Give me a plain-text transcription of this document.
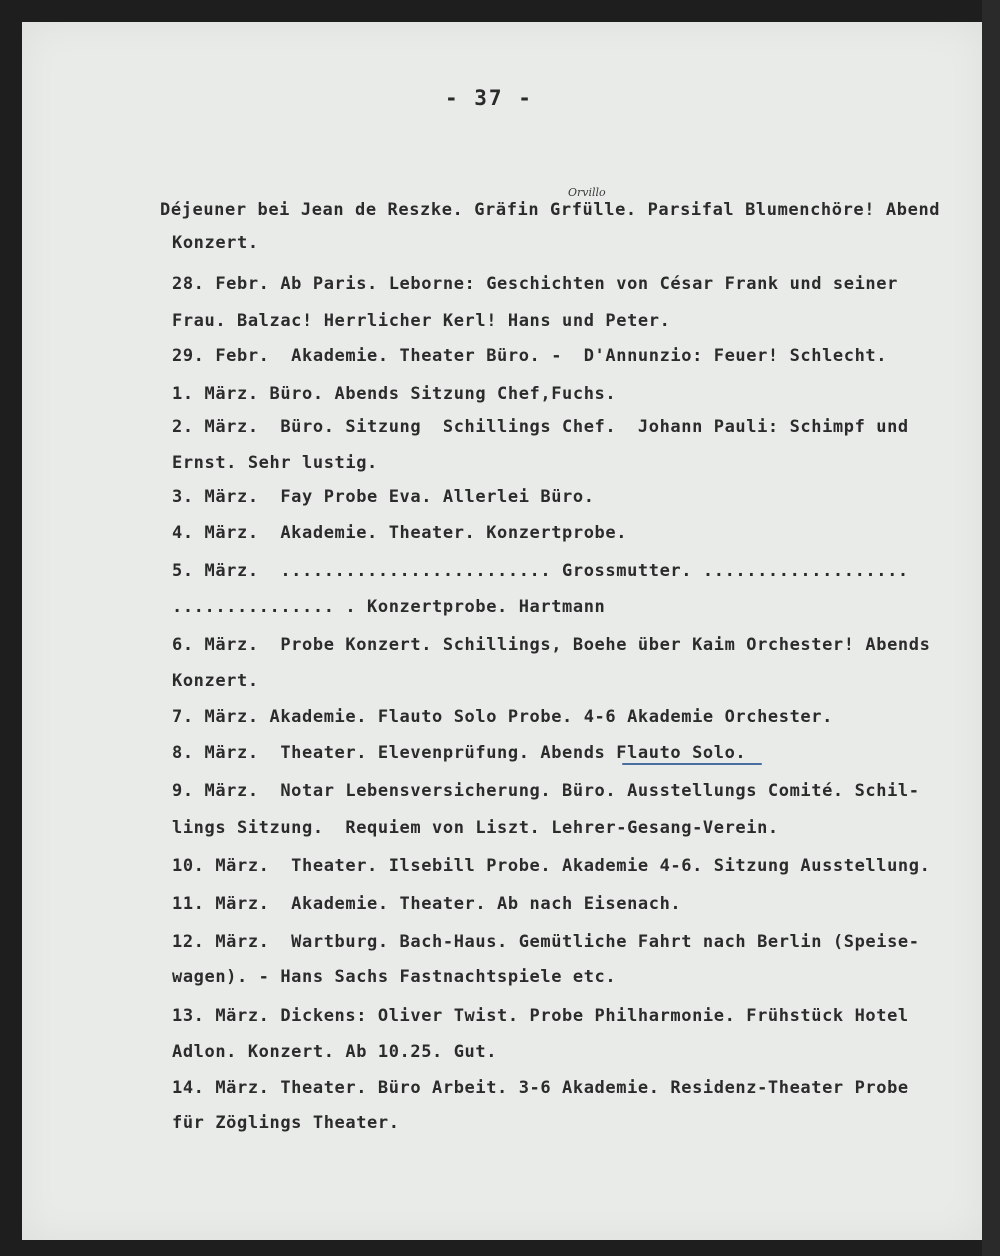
- 37 -
Orvillo
Déjeuner bei Jean de Reszke. Gräfin Grfülle. Parsifal Blumenchöre! Abend
Konzert.
28. Febr. Ab Paris. Leborne: Geschichten von César Frank und seiner
Frau. Balzac! Herrlicher Kerl! Hans und Peter.
29. Febr.  Akademie. Theater Büro. -  D'Annunzio: Feuer! Schlecht.
1. März. Büro. Abends Sitzung Chef,Fuchs.
2. März.  Büro. Sitzung  Schillings Chef.  Johann Pauli: Schimpf und
Ernst. Sehr lustig.
3. März.  Fay Probe Eva. Allerlei Büro.
4. März.  Akademie. Theater. Konzertprobe.
5. März.  ......................... Grossmutter. ...................
............... . Konzertprobe. Hartmann
6. März.  Probe Konzert. Schillings, Boehe über Kaim Orchester! Abends
Konzert.
7. März. Akademie. Flauto Solo Probe. 4-6 Akademie Orchester.
8. März.  Theater. Elevenprüfung. Abends Flauto Solo.
9. März.  Notar Lebensversicherung. Büro. Ausstellungs Comité. Schil-
lings Sitzung.  Requiem von Liszt. Lehrer-Gesang-Verein.
10. März.  Theater. Ilsebill Probe. Akademie 4-6. Sitzung Ausstellung.
11. März.  Akademie. Theater. Ab nach Eisenach.
12. März.  Wartburg. Bach-Haus. Gemütliche Fahrt nach Berlin (Speise-
wagen). - Hans Sachs Fastnachtspiele etc.
13. März. Dickens: Oliver Twist. Probe Philharmonie. Frühstück Hotel
Adlon. Konzert. Ab 10.25. Gut.
14. März. Theater. Büro Arbeit. 3-6 Akademie. Residenz-Theater Probe
für Zöglings Theater.
